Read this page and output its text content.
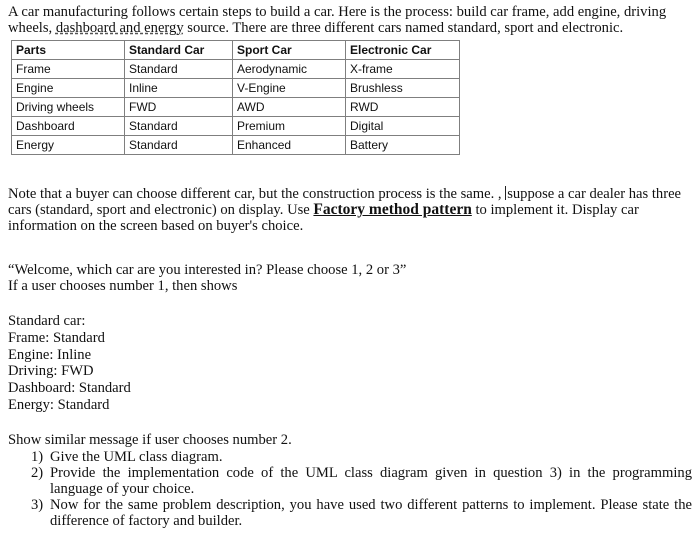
A car manufacturing follows certain steps to build a car. Here is the process: build car frame, add engine, driving
wheels, dashboard and energy source. There are three different cars named standard, sport and electronic.
Parts	Standard Car	Sport Car	Electronic Car
Frame	Standard	Aerodynamic	X-frame
Engine	Inline	V-Engine	Brushless
Driving wheels	FWD	AWD	RWD
Dashboard	Standard	Premium	Digital
Energy	Standard	Enhanced	Battery

Note that a buyer can choose different car, but the construction process is the same. , suppose a car dealer has three cars (standard, sport and electronic) on display. Use Factory method pattern to implement it. Display car information on the screen based on buyer's choice.

“Welcome, which car are you interested in? Please choose 1, 2 or 3”
If a user chooses number 1, then shows
Standard car:
Frame: Standard
Engine: Inline
Driving: FWD
Dashboard: Standard
Energy: Standard
Show similar message if user chooses number 2.
1) Give the UML class diagram.
2) Provide the implementation code of the UML class diagram given in question 3) in the programming language of your choice.
3) Now for the same problem description, you have used two different patterns to implement. Please state the difference of factory and builder.
